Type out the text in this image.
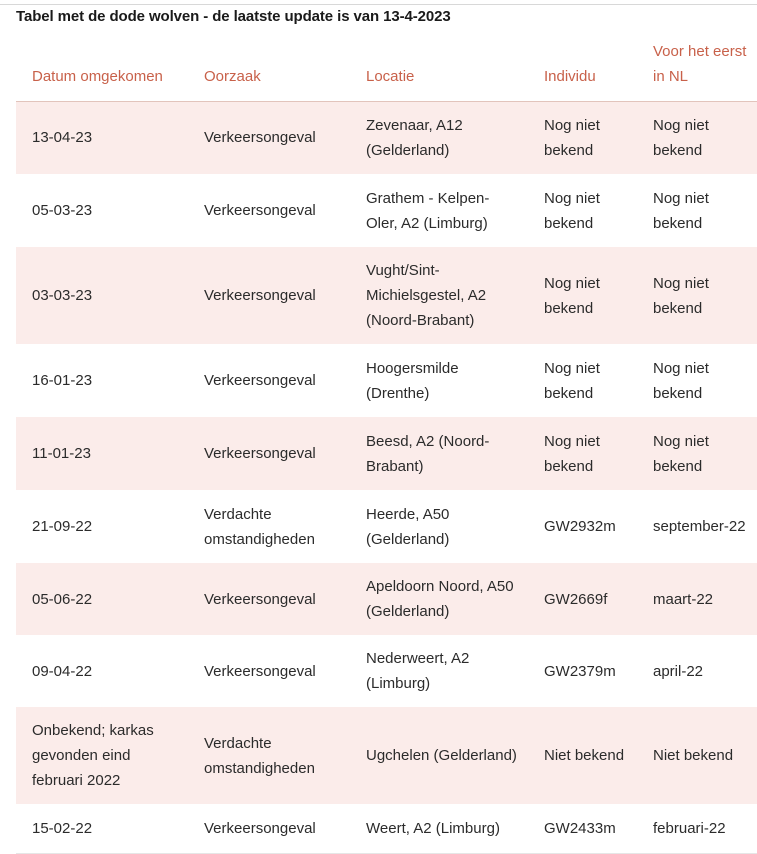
Tabel met de dode wolven - de laatste update is van 13-4-2023
Datum omgekomen	Oorzaak	Locatie	Individu	Voor het eerst in NL
13-04-23	Verkeersongeval	Zevenaar, A12 (Gelderland)	Nog niet bekend	Nog niet bekend
05-03-23	Verkeersongeval	Grathem - Kelpen-Oler, A2 (Limburg)	Nog niet bekend	Nog niet bekend
03-03-23	Verkeersongeval	Vught/Sint-Michielsgestel, A2 (Noord-Brabant)	Nog niet bekend	Nog niet bekend
16-01-23	Verkeersongeval	Hoogersmilde (Drenthe)	Nog niet bekend	Nog niet bekend
11-01-23	Verkeersongeval	Beesd, A2 (Noord-Brabant)	Nog niet bekend	Nog niet bekend
21-09-22	Verdachte omstandigheden	Heerde, A50 (Gelderland)	GW2932m	september-22
05-06-22	Verkeersongeval	Apeldoorn Noord, A50 (Gelderland)	GW2669f	maart-22
09-04-22	Verkeersongeval	Nederweert, A2 (Limburg)	GW2379m	april-22
Onbekend; karkas gevonden eind februari 2022	Verdachte omstandigheden	Ugchelen (Gelderland)	Niet bekend	Niet bekend
15-02-22	Verkeersongeval	Weert, A2 (Limburg)	GW2433m	februari-22
